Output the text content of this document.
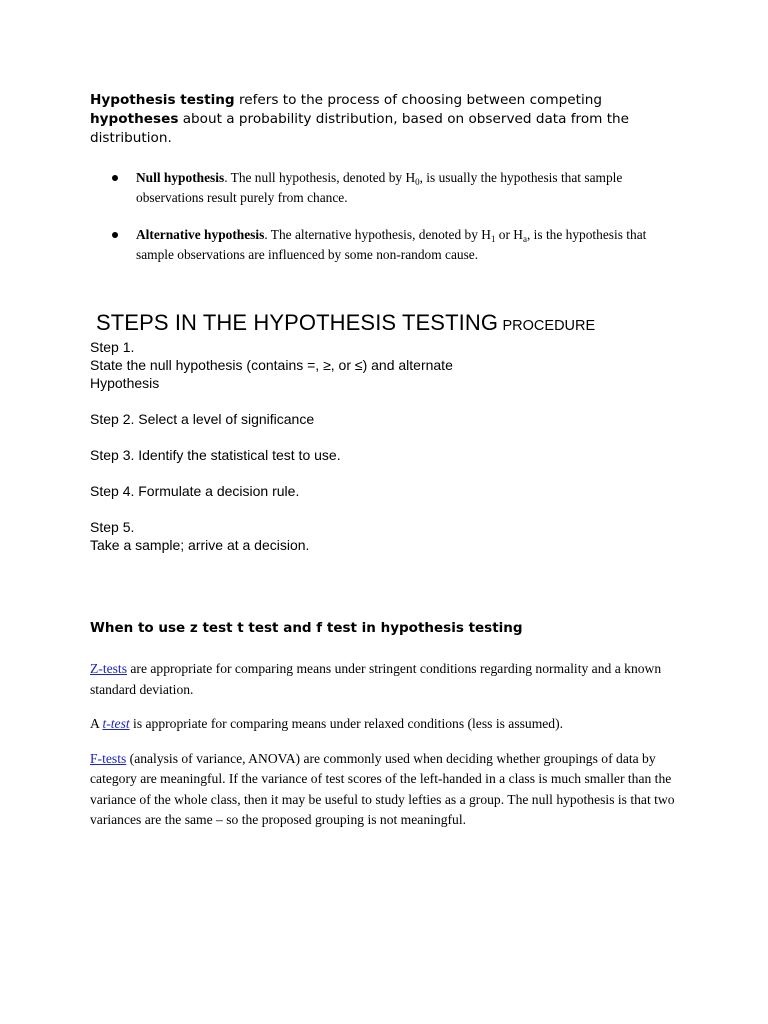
Hypothesis testing refers to the process of choosing between competing hypotheses about a probability distribution, based on observed data from the distribution.
Null hypothesis. The null hypothesis, denoted by $H_0$, is usually the hypothesis that sample observations result purely from chance.
Alternative hypothesis. The alternative hypothesis, denoted by $H_1$ or $H_a$, is the hypothesis that sample observations are influenced by some non-random cause.
STEPS IN THE HYPOTHESIS TESTING PROCEDURE

Step 1.
State the null hypothesis (contains =, ≥, or ≤) and alternate
Hypothesis

Step 2. Select a level of significance

Step 3. Identify the statistical test to use.

Step 4. Formulate a decision rule.

Step 5.
Take a sample; arrive at a decision.

When to use z test t test and f test in hypothesis testing

Z-tests are appropriate for comparing means under stringent conditions regarding normality and a known standard deviation.

A t-test is appropriate for comparing means under relaxed conditions (less is assumed).

F-tests (analysis of variance, ANOVA) are commonly used when deciding whether groupings of data by category are meaningful. If the variance of test scores of the left-handed in a class is much smaller than the variance of the whole class, then it may be useful to study lefties as a group. The null hypothesis is that two variances are the same – so the proposed grouping is not meaningful.
